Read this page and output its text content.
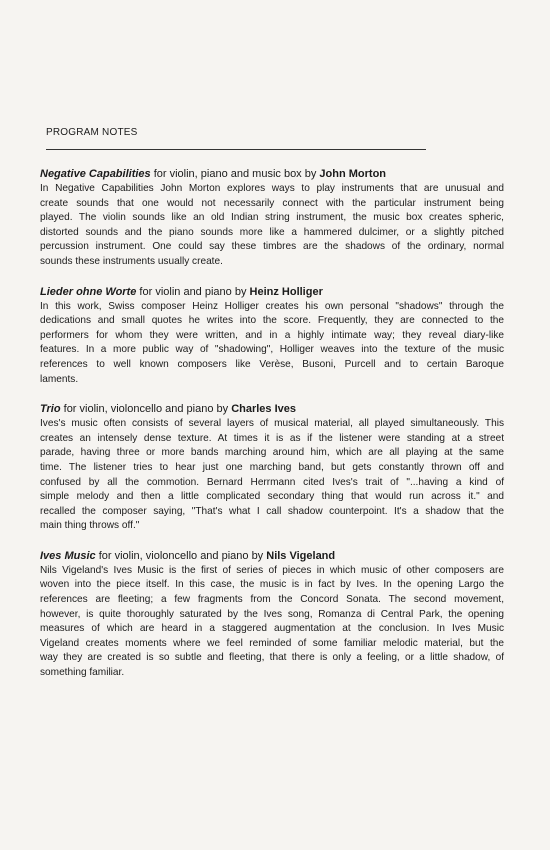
PROGRAM NOTES

Negative Capabilities for violin, piano and music box by John Morton

In Negative Capabilities John Morton explores ways to play instruments that are unusual and
create sounds that one would not necessarily connect with the particular instrument being
played. The violin sounds like an old Indian string instrument, the music box creates spheric,
distorted sounds and the piano sounds more like a hammered dulcimer, or a slightly pitched
percussion instrument. One could say these timbres are the shadows of the ordinary, normal
sounds these instruments usually create.

Lieder ohne Worte for violin and piano by Heinz Holliger

In this work, Swiss composer Heinz Holliger creates his own personal "shadows" through the
dedications and small quotes he writes into the score. Frequently, they are connected to the
performers for whom they were written, and in a highly intimate way; they reveal diary-like
features. In a more public way of "shadowing", Holliger weaves into the texture of the music
references to well known composers like Verèse, Busoni, Purcell and to certain Baroque
laments.

Trio for violin, violoncello and piano by Charles Ives

Ives's music often consists of several layers of musical material, all played simultaneously. This
creates an intensely dense texture. At times it is as if the listener were standing at a street
parade, having three or more bands marching around him, which are all playing at the same
time. The listener tries to hear just one marching band, but gets constantly thrown off and
confused by all the commotion. Bernard Herrmann cited Ives's trait of "...having a kind of
simple melody and then a little complicated secondary thing that would run across it." and
recalled the composer saying, "That's what I call shadow counterpoint. It's a shadow that the
main thing throws off."

Ives Music for violin, violoncello and piano by Nils Vigeland

Nils Vigeland's Ives Music is the first of series of pieces in which music of other composers are
woven into the piece itself. In this case, the music is in fact by Ives. In the opening Largo the
references are fleeting; a few fragments from the Concord Sonata. The second movement,
however, is quite thoroughly saturated by the Ives song, Romanza di Central Park, the opening
measures of which are heard in a staggered augmentation at the conclusion. In Ives Music
Vigeland creates moments where we feel reminded of some familiar melodic material, but the
way they are created is so subtle and fleeting, that there is only a feeling, or a little shadow, of
something familiar.
